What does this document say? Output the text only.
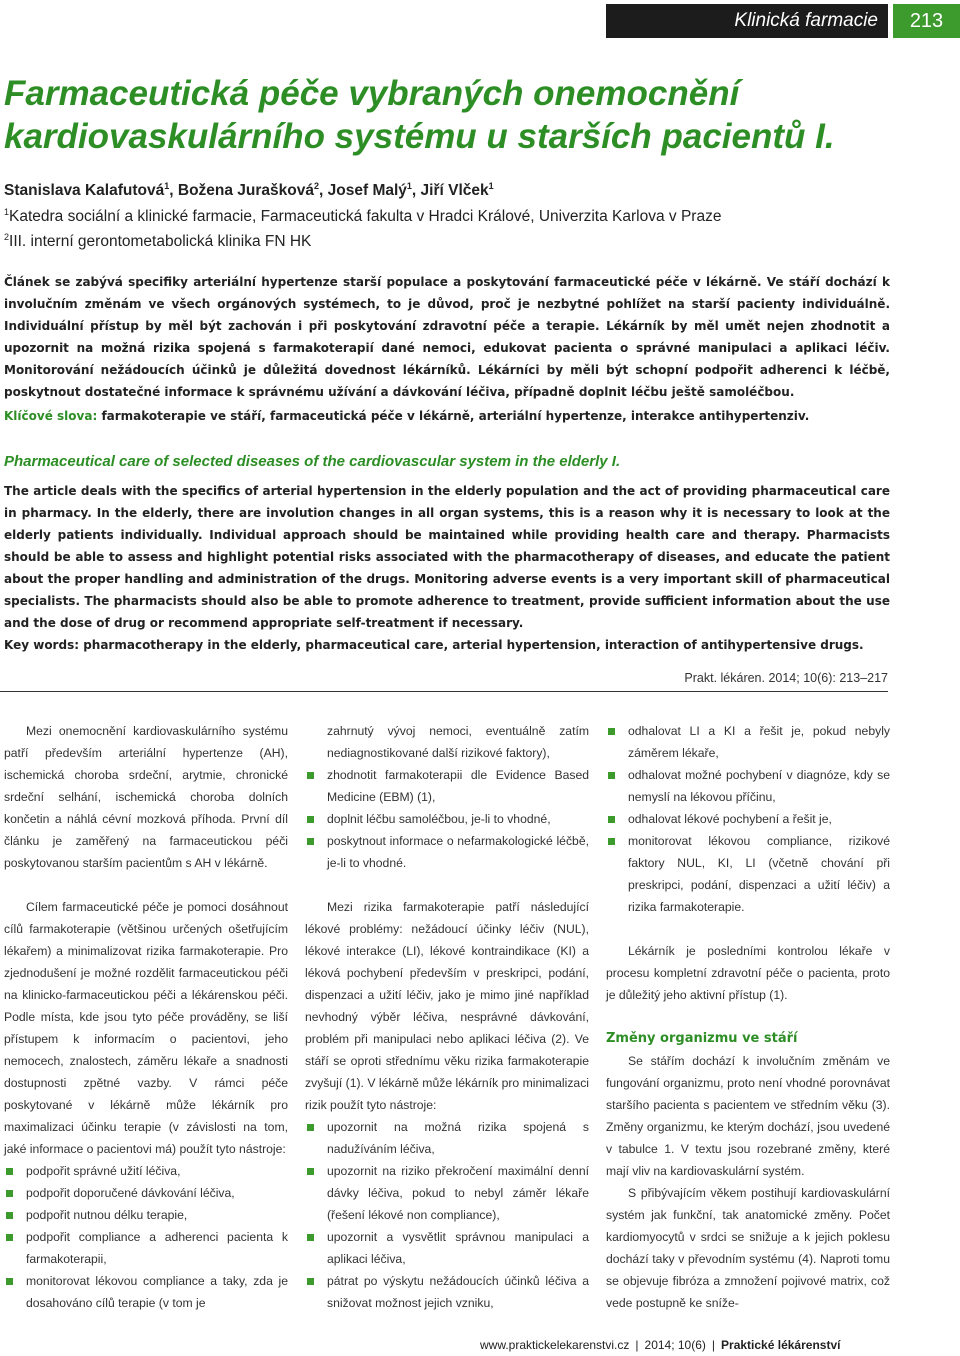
Klinická farmacie 213
Farmaceutická péče vybraných onemocnění
kardiovaskulárního systému u starších pacientů I.
Stanislava Kalafutová$^1$, Božena Jurašková$^2$, Josef Malý$^1$, Jiří Vlček$^1$
$^1$Katedra sociální a klinické farmacie, Farmaceutická fakulta v Hradci Králové, Univerzita Karlova v Praze
$^2$III. interní gerontometabolická klinika FN HK

Článek se zabývá specifiky arteriální hypertenze starší populace a poskytování farmaceutické péče v lékárně. Ve stáří dochází k involučním změnám ve všech orgánových systémech, to je důvod, proč je nezbytné pohlížet na starší pacienty individuálně. Individuální přístup by měl být zachován i při poskytování zdravotní péče a terapie. Lékárník by měl umět nejen zhodnotit a upozornit na možná rizika spojená s farmakoterapií dané nemoci, edukovat pacienta o správné manipulaci a aplikaci léčiv. Monitorování nežádoucích účinků je důležitá dovednost lékárníků. Lékárníci by měli být schopní podpořit adherenci k léčbě, poskytnout dostatečné informace k správnému užívání a dávkování léčiva, případně doplnit léčbu ještě samoléčbou.

Klíčové slovа: farmakoterapie ve stáří, farmaceutická péče v lékárně, arteriální hypertenze, interakce antihypertenziv.
Pharmaceutical care of selected diseases of the cardiovascular system in the elderly I.

The article deals with the specifics of arterial hypertension in the elderly population and the act of providing pharmaceutical care in pharmacy. In the elderly, there are involution changes in all organ systems, this is a reason why it is necessary to look at the elderly patients individually. Individual approach should be maintained while providing health care and therapy. Pharmacists should be able to assess and highlight potential risks associated with the pharmacotherapy of diseases, and educate the patient about the proper handling and administration of the drugs. Monitoring adverse events is a very important skill of pharmaceutical specialists. The pharmacists should also be able to promote adherence to treatment, provide sufficient information about the use and the dose of drug or recommend appropriate self-treatment if necessary.

Key words: pharmacotherapy in the elderly, pharmaceutical care, arterial hypertension, interaction of antihypertensive drugs.
Prakt. lékáren. 2014; 10(6): 213–217

Mezi onemocnění kardiovaskulárního systému patří především arteriální hypertenze (AH), ischemická choroba srdeční, arytmie, chronické srdeční selhání, ischemická choroba dolních končetin a náhlá cévní mozková příhoda. První díl článku je zaměřený na farmaceutickou péči poskytovanou starším pacientům s AH v lékárně.

Cílem farmaceutické péče je pomoci dosáhnout cílů farmakoterapie (většinou určených ošetřujícím lékařem) a minimalizovat rizika farmakoterapie. Pro zjednodušení je možné rozdělit farmaceutickou péči na klinicko-farmaceutickou péči a lékárenskou péči. Podle místa, kde jsou tyto péče prováděny, se liší přístupem k informacím o pacientovi, jeho nemocech, znalostech, záměru lékaře a snadnosti dostupnosti zpětné vazby. V rámci péče poskytované v lékárně může lékárník pro maximalizaci účinku terapie (v závislosti na tom, jaké informace o pacientovi má) použít tyto nástroje:

podpořit správné užití léčiva,
podpořit doporučené dávkování léčiva,
podpořit nutnou délku terapie,
podpořit compliance a adherenci pacienta k farmakoterapii,
monitorovat lékovou compliance a taky, zda je dosahováno cílů terapie (v tom je

zahrnutý vývoj nemoci, eventuálně zatím nediagnostikované další rizikové faktory),

zhodnotit farmakoterapii dle Evidence Based Medicine (EBM) (1),
doplnit léčbu samoléčbou, je-li to vhodné,
poskytnout informace o nefarmakologické léčbě, je-li to vhodné.

Mezi rizika farmakoterapie patří následující lékové problémy: nežádoucí účinky léčiv (NUL), lékové interakce (LI), lékové kontraindikace (KI) a léková pochybení především v preskripci, podání, dispenzaci a užití léčiv, jako je mimo jiné například nevhodný výběr léčiva, nesprávné dávkování, problém při manipulaci nebo aplikaci léčiva (2). Ve stáří se oproti střednímu věku rizika farmakoterapie zvyšují (1). V lékárně může lékárník pro minimalizaci rizik použít tyto nástroje:

upozornit na možná rizika spojená s nadužíváním léčiva,
upozornit na riziko překročení maximální denní dávky léčiva, pokud to nebyl záměr lékaře (řešení lékové non compliance),
upozornit a vysvětlit správnou manipulaci a aplikaci léčiva,
pátrat po výskytu nežádoucích účinků léčiva a snižovat možnost jejich vzniku,
odhalovat LI a KI a řešit je, pokud nebyly záměrem lékaře,
odhalovat možné pochybení v diagnóze, kdy se nemyslí na lékovou příčinu,
odhalovat lékové pochybení a řešit je,
monitorovat lékovou compliance, rizikové faktory NUL, KI, LI (včetně chování při preskripci, podání, dispenzaci a užití léčiv) a rizika farmakoterapie.

Lékárník je posledními kontrolou lékaře v procesu kompletní zdravotní péče o pacienta, proto je důležitý jeho aktivní přístup (1).

Změny organizmu ve stáří

Se stářím dochází k involučním změnám ve fungování organizmu, proto není vhodné porovnávat staršího pacienta s pacientem ve středním věku (3). Změny organizmu, ke kterým dochází, jsou uvedené v tabulce 1. V textu jsou rozebrané změny, které mají vliv na kardiovaskulární systém.

S přibývajícím věkem postihují kardiovaskulární systém jak funkční, tak anatomické změny. Počet kardiomyocytů v srdci se snižuje a k jejich poklesu dochází taky v převodním systému (4). Naproti tomu se objevuje fibróza a zmnožení pojivové matrix, což vede postupně ke sníže-

www.praktickelekarenstvi.cz | 2014; 10(6) | Praktické lékárenství
